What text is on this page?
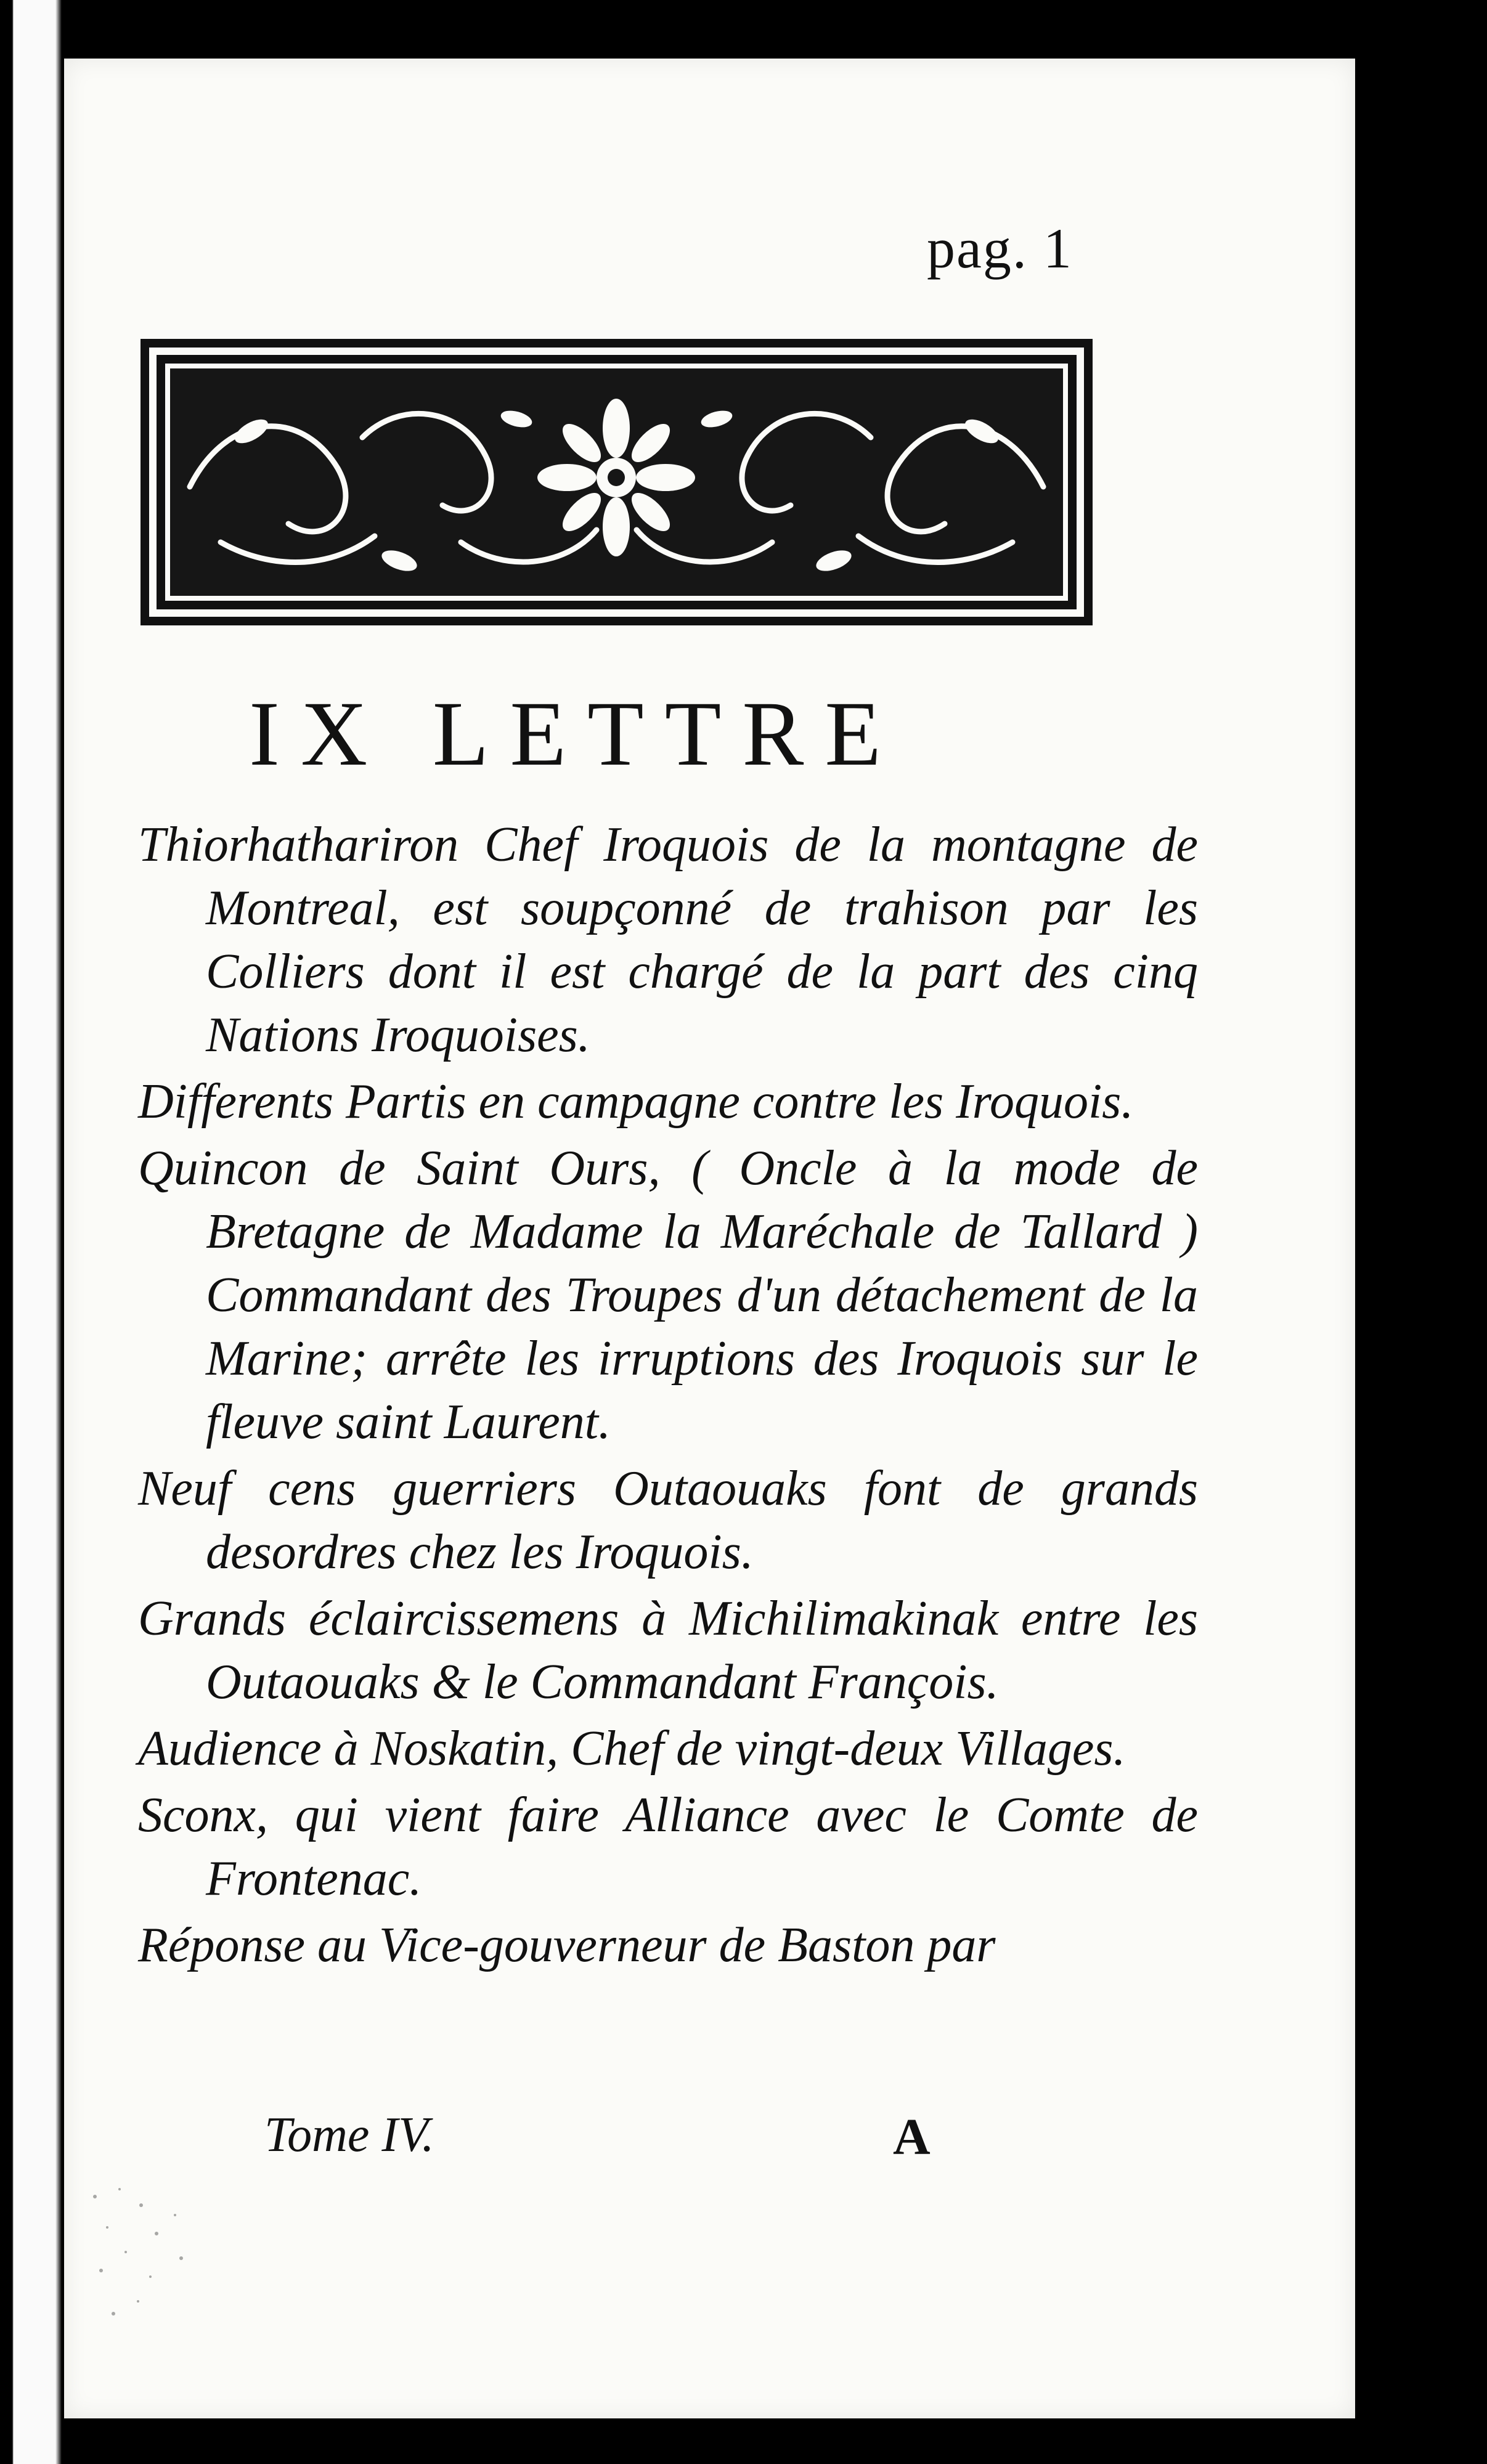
pag. 1
IX LETTRE

Thiorhathariron Chef Iroquois de la montagne de Montreal, est soupçonné de trahison par les Colliers dont il est chargé de la part des cinq Nations Iroquoises.

Differents Partis en campagne contre les Iroquois.

Quincon de Saint Ours, ( Oncle à la mode de Bretagne de Madame la Maréchale de Tallard ) Commandant des Troupes d'un détachement de la Marine; arrête les irruptions des Iroquois sur le fleuve saint Laurent.

Neuf cens guerriers Outaouaks font de grands desordres chez les Iroquois.

Grands éclaircissemens à Michilimakinak entre les Outaouaks & le Commandant François.

Audience à Noskatin, Chef de vingt-deux Villages.

Sconx, qui vient faire Alliance avec le Comte de Frontenac.

Réponse au Vice-gouverneur de Baston par

Tome IV.	A
